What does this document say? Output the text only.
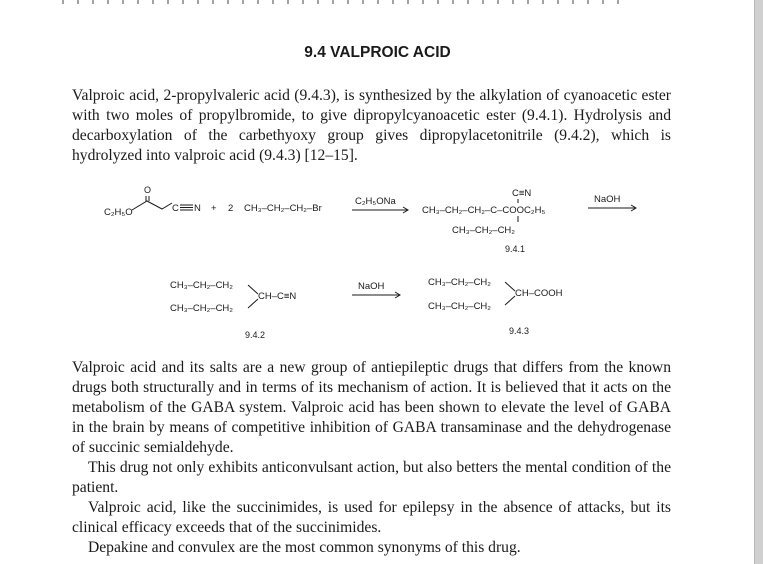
9.4 VALPROIC ACID

Valproic acid, 2-propylvaleric acid (9.4.3), is synthesized by the alkylation of cyanoacetic ester with two moles of propylbromide, to give dipropylcyanoacetic ester (9.4.1). Hydrolysis and decarboxylation of the carbethyoxy group gives dipropylacetonitrile (9.4.2), which is hydrolyzed into valproic acid (9.4.3) [12–15].

C₂H₅O
O
C N + 2 CH₃–CH₂–CH₂–Br
C₂H₅ONa
C≡N
CH₃–CH₂–CH₂–C–COOC₂H₅
CH₃–CH₂–CH₂
9.4.1
NaOH
CH₃–CH₂–CH₂
CH–C≡N
CH₃–CH₂–CH₂
9.4.2
NaOH	CH₃–CH₂–CH₂
CH–COOH
CH₃–CH₂–CH₂
9.4.3

Valproic acid and its salts are a new group of antiepileptic drugs that differs from the known drugs both structurally and in terms of its mechanism of action. It is believed that it acts on the metabolism of the GABA system. Valproic acid has been shown to elevate the level of GABA in the brain by means of competitive inhibition of GABA transaminase and the dehydrogenase of succinic semialdehyde.

This drug not only exhibits anticonvulsant action, but also betters the mental condition of the patient.

Valproic acid, like the succinimides, is used for epilepsy in the absence of attacks, but its clinical efficacy exceeds that of the succinimides.

Depakine and convulex are the most common synonyms of this drug.
